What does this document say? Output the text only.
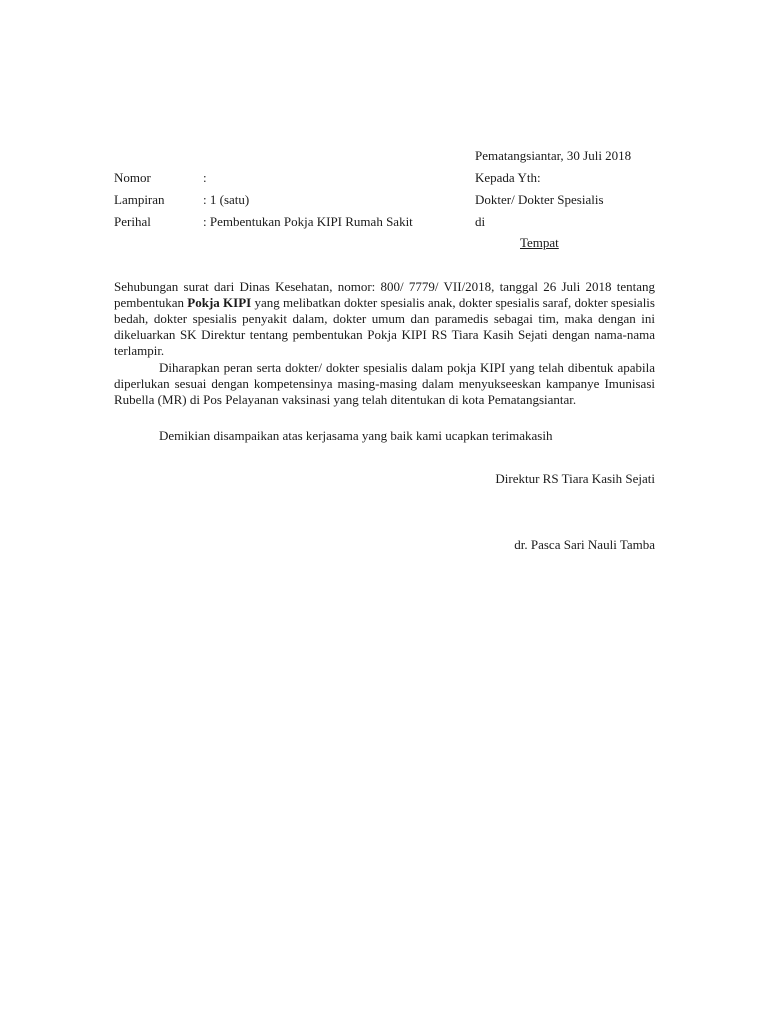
Pematangsiantar, 30 Juli 2018
Nomor	:	Kepada Yth:
Lampiran	: 1 (satu)	Dokter/ Dokter Spesialis
Perihal	: Pembentukan Pokja KIPI Rumah Sakit	di
Tempat

Sehubungan surat dari Dinas Kesehatan, nomor: 800/ 7779/ VII/2018, tanggal 26 Juli 2018 tentang pembentukan Pokja KIPI yang melibatkan dokter spesialis anak, dokter spesialis saraf, dokter spesialis bedah, dokter spesialis penyakit dalam, dokter umum dan paramedis sebagai tim, maka dengan ini dikeluarkan SK Direktur tentang pembentukan Pokja KIPI RS Tiara Kasih Sejati dengan nama-nama terlampir.

Diharapkan peran serta dokter/ dokter spesialis dalam pokja KIPI yang telah dibentuk apabila diperlukan sesuai dengan kompetensinya masing-masing dalam menyukseeskan kampanye Imunisasi Rubella (MR) di Pos Pelayanan vaksinasi yang telah ditentukan di kota Pematangsiantar.

Demikian disampaikan atas kerjasama yang baik kami ucapkan terimakasih

Direktur RS Tiara Kasih Sejati
dr. Pasca Sari Nauli Tamba
